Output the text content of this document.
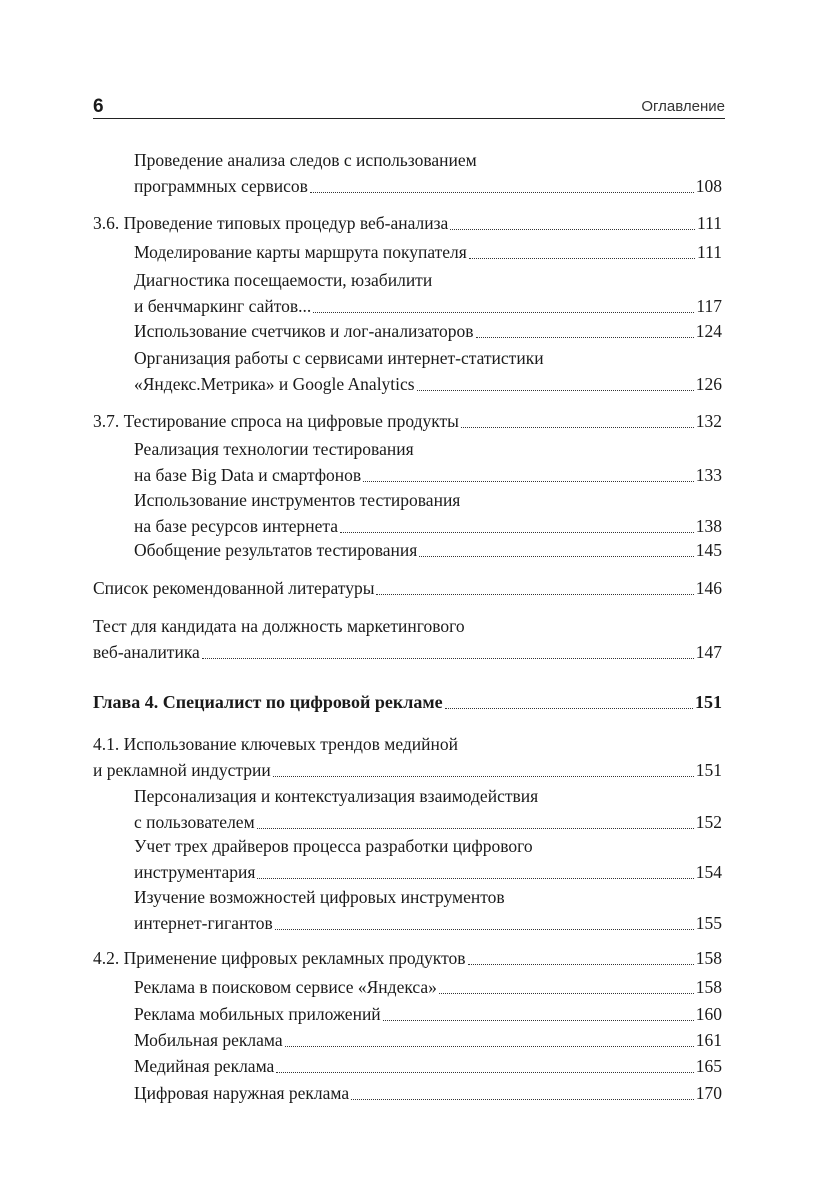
6	Оглавление
Проведение анализа следов с использованием
программных сервисов	108
3.6. Проведение типовых процедур веб-анализа	111
Моделирование карты маршрута покупателя	111
Диагностика посещаемости, юзабилити
и бенчмаркинг сайтов...	117
Использование счетчиков и лог-анализаторов	124
Организация работы с сервисами интернет-статистики
«Яндекс.Метрика» и Google Analytics	126
3.7. Тестирование спроса на цифровые продукты	132
Реализация технологии тестирования
на базе Big Data и смартфонов	133
Использование инструментов тестирования
на базе ресурсов интернета	138
Обобщение результатов тестирования	145
Список рекомендованной литературы	146
Тест для кандидата на должность маркетингового
веб-аналитика	147
Глава 4. Специалист по цифровой рекламе	151
4.1. Использование ключевых трендов медийной
и рекламной индустрии	151
Персонализация и контекстуализация взаимодействия
с пользователем	152
Учет трех драйверов процесса разработки цифрового
инструментария	154
Изучение возможностей цифровых инструментов
интернет-гигантов	155
4.2. Применение цифровых рекламных продуктов	158
Реклама в поисковом сервисе «Яндекса»	158
Реклама мобильных приложений	160
Мобильная реклама	161
Медийная реклама	165
Цифровая наружная реклама	170
